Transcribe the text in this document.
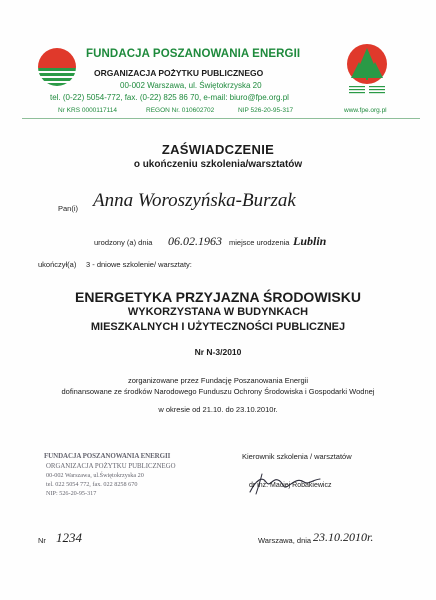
FUNDACJA POSZANOWANIA ENERGII
ORGANIZACJA POŻYTKU PUBLICZNEGO
00-002 Warszawa, ul. Świętokrzyska 20
tel. (0-22) 5054-772, fax. (0-22) 825 86 70, e-mail: biuro@fpe.org.pl
Nr KRS 0000117114	REGON Nr. 010602702	NIP 526-20-95-317	www.fpe.org.pl
ZAŚWIADCZENIE
o ukończeniu szkolenia/warsztatów
Pan(i) Anna Woroszyńska-Burzak
urodzony (a) dnia 06.02.1963 miejsce urodzenia Lublin
ukończył(a) 3 - dniowe szkolenie/ warsztaty:
ENERGETYKA PRZYJAZNA ŚRODOWISKU
WYKORZYSTANA W BUDYNKACH
MIESZKALNYCH I UŻYTECZNOŚCI PUBLICZNEJ
Nr N-3/2010
zorganizowane przez Fundację Poszanowania Energii
dofinansowane ze środków Narodowego Funduszu Ochrony Środowiska i Gospodarki Wodnej
w okresie od 21.10. do 23.10.2010r.
FUNDACJA POSZANOWANIA ENERGII
ORGANIZACJA POŻYTKU PUBLICZNEGO
00-002 Warszawa, ul.Świętokrzyska 20
tel. 022 5054 772, fax. 022 8258 670
NIP: 526-20-95-317
Kierownik szkolenia / warsztatów
dr inż. Maciej Robakiewicz
Nr 1234	Warszawa, dnia 23.10.2010r.
